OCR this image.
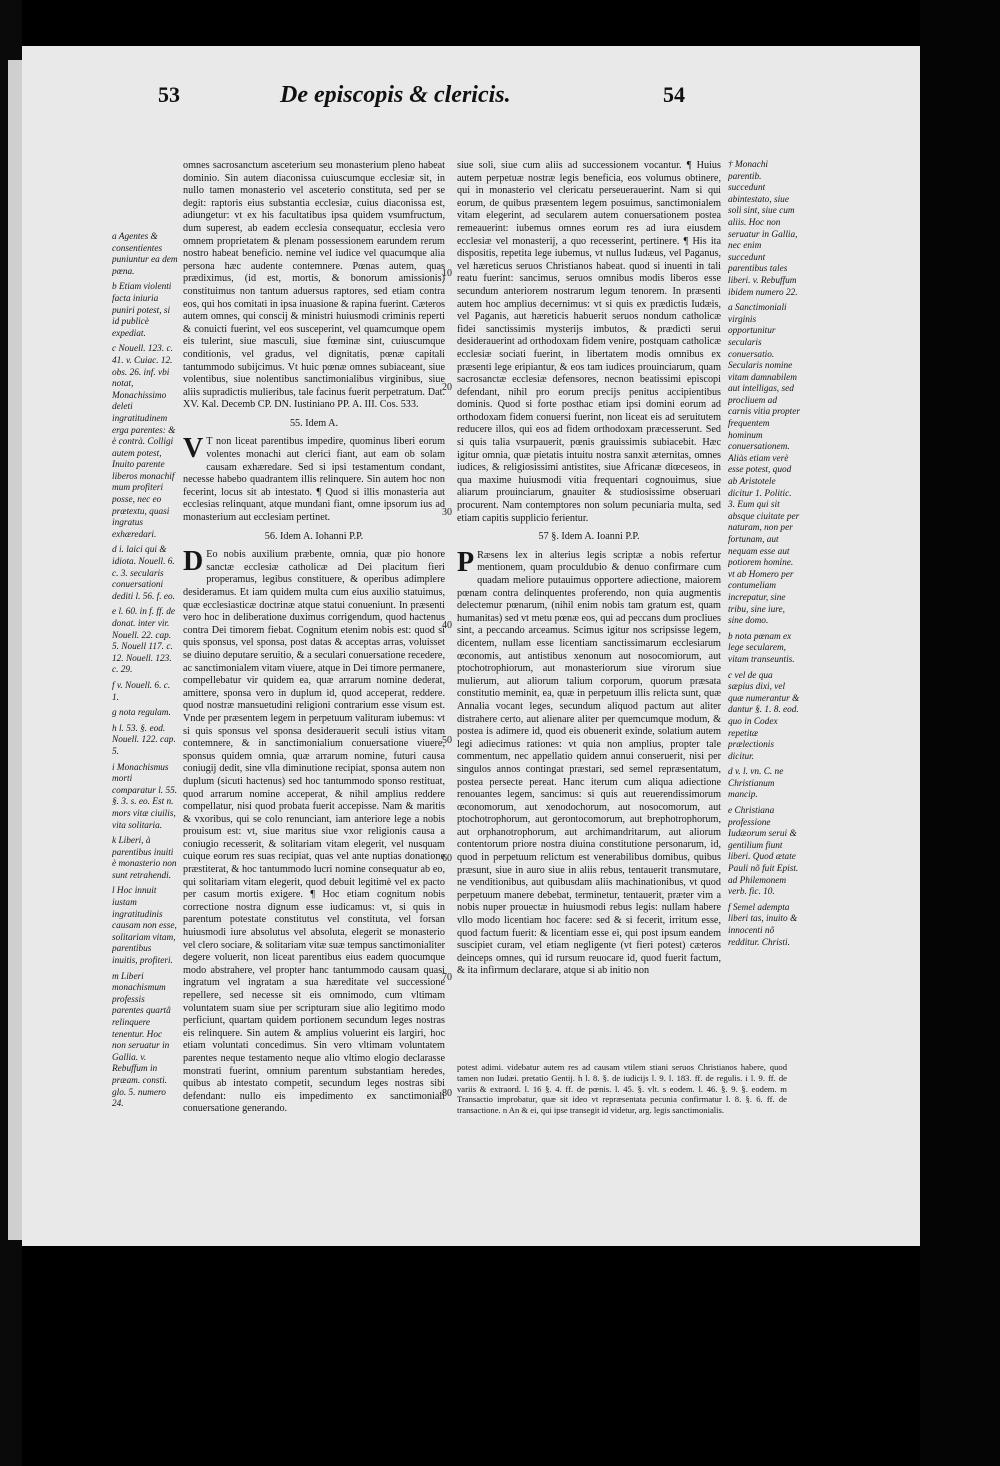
53	De episcopis & clericis.	54

a Agentes & consentientes puniuntur ea dem pœna.

b Etiam violenti facta iniuria puniri potest, si id publicè expediat.

c Nouell. 123. c. 41. v. Cuiac. 12. obs. 26. inf. vbi notat, Monachissimo deleti ingratitudinem erga parentes: & è contrà. Colligi autem potest, Inuito parente liberos monachif mum profiteri posse, nec eo prætextu, quasi ingratus exhæredari.

d i. laici qui & idiota. Nouell. 6. c. 3. secularis conuersationi dediti l. 56. f. eo.

e l. 60. in f. ff. de donat. inter vir. Nouell. 22. cap. 5. Nouell 117. c. 12. Nouell. 123. c. 29.

f v. Nouell. 6. c. 1.

g nota regulam.

h l. 53. §. eod. Nouell. 122. cap. 5.

i Monachismus morti comparatur l. 55. §. 3. s. eo. Est n. mors vitæ ciuilis, vita solitaria.

k Liberi, à parentibus inuiti è monasterio non sunt retrahendi.

l Hoc innuit iustam ingratitudinis causam non esse, solitariam vitam, parentibus inuitis, profiteri.

m Liberi monachismum professis parentes quartâ relinquere tenentur. Hoc non seruatur in Gallia. v. Rebuffum in præam. consti. glo. 5. numero 24.

omnes sacrosanctum asceterium seu monasterium pleno habeat dominio. Sin autem diaconissa cuiuscumque ecclesiæ sit, in nullo tamen monasterio vel asceterio constituta, sed per se degit: raptoris eius substantia ecclesiæ, cuius diaconissa est, adiungetur: vt ex his facultatibus ipsa quidem vsumfructum, dum superest, ab eadem ecclesia consequatur, ecclesia vero omnem proprietatem & plenam possessionem earundem rerum nostro habeat beneficio. nemine vel iudice vel quacumque alia persona hæc audente contemnere. Pœnas autem, quas prædiximus, (id est, mortis, & bonorum amissionis) constituimus non tantum aduersus raptores, sed etiam contra eos, qui hos comitati in ipsa inuasione & rapina fuerint. Cæteros autem omnes, qui conscij & ministri huiusmodi criminis reperti & conuicti fuerint, vel eos susceperint, vel quamcumque opem eis tulerint, siue masculi, siue fœminæ sint, cuiuscumque conditionis, vel gradus, vel dignitatis, pœnæ capitali tantummodo subijcimus. Vt huic pœnæ omnes subiaceant, siue volentibus, siue nolentibus sanctimonialibus virginibus, siue aliis supradictis mulieribus, tale facinus fuerit perpetratum. Dat. XV. Kal. Decemb CP. DN. Iustiniano PP. A. III. Cos. 533.

55. Idem A.

V T non liceat parentibus impedire, quominus liberi eorum volentes monachi aut clerici fiant, aut eam ob solam causam exhæredare. Sed si ipsi testamentum condant, necesse habebo quadrantem illis relinquere. Sin autem hoc non fecerint, locus sit ab intestato. ¶ Quod si illis monasteria aut ecclesias relinquant, atque mundani fiant, omne ipsorum ius ad monasterium aut ecclesiam pertinet.

56. Idem A. Iohanni P.P.

D Eo nobis auxilium præbente, omnia, quæ pio honore sanctæ ecclesiæ catholicæ ad Dei placitum fieri properamus, legibus constituere, & operibus adimplere desideramus. Et iam quidem multa cum eius auxilio statuimus, quæ ecclesiasticæ doctrinæ atque statui conueniunt. In præsenti vero hoc in deliberatione duximus corrigendum, quod hactenus contra Dei timorem fiebat. Cognitum etenim nobis est: quod si quis sponsus, vel sponsa, post datas & acceptas arras, voluisset se diuino deputare seruitio, & a seculari conuersatione recedere, ac sanctimonialem vitam viuere, atque in Dei timore permanere, compellebatur vir quidem ea, quæ arrarum nomine dederat, amittere, sponsa vero in duplum id, quod acceperat, reddere. quod nostræ mansuetudini religioni contrarium esse visum est. Vnde per præsentem legem in perpetuum valituram iubemus: vt si quis sponsus vel sponsa desiderauerit seculi istius vitam contemnere, & in sanctimonialium conuersatione viuere, sponsus quidem omnia, quæ arrarum nomine, futuri causa coniugij dedit, sine vlla diminutione recipiat, sponsa autem non duplum (sicuti hactenus) sed hoc tantummodo sponso restituat, quod arrarum nomine acceperat, & nihil amplius reddere compellatur, nisi quod probata fuerit accepisse. Nam & maritis & vxoribus, qui se colo renunciant, iam anteriore lege a nobis prouisum est: vt, siue maritus siue vxor religionis causa a coniugio recesserit, & solitariam vitam elegerit, vel nusquam cuique eorum res suas recipiat, quas vel ante nuptias donatione præstiterat, & hoc tantummodo lucri nomine consequatur ab eo, qui solitariam vitam elegerit, quod debuit legitimè vel ex pacto per casum mortis exigere. ¶ Hoc etiam cognitum nobis correctione nostra dignum esse iudicamus: vt, si quis in parentum potestate constitutus vel constituta, vel forsan huiusmodi iure absolutus vel absoluta, elegerit se monasterio vel clero sociare, & solitariam vitæ suæ tempus sanctimonialiter degere voluerit, non liceat parentibus eius eadem quocumque modo abstrahere, vel propter hanc tantummodo causam quasi ingratum vel ingratam a sua hæreditate vel successione repellere, sed necesse sit eis omnimodo, cum vltimam voluntatem suam siue per scripturam siue alio legitimo modo perficiunt, quartam quidem portionem secundum leges nostras eis relinquere. Sin autem & amplius voluerint eis largiri, hoc etiam voluntati concedimus. Sin vero vltimam voluntatem parentes neque testamento neque alio vltimo elogio declarasse monstrati fuerint, omnium parentum substantiam heredes, quibus ab intestato competit, secundum leges nostras sibi defendant: nullo eis impedimento ex sanctimoniali conuersatione generando.

10
20
30
40
50
60
70
80

siue soli, siue cum aliis ad successionem vocantur. ¶ Huius autem perpetuæ nostræ legis beneficia, eos volumus obtinere, qui in monasterio vel clericatu perseuerauerint. Nam si qui eorum, de quibus præsentem legem posuimus, sanctimonialem vitam elegerint, ad secularem autem conuersationem postea remeauerint: iubemus omnes eorum res ad iura eiusdem ecclesiæ vel monasterij, a quo recesserint, pertinere. ¶ His ita dispositis, repetita lege iubemus, vt nullus Iudæus, vel Paganus, vel hæreticus seruos Christianos habeat. quod si inuenti in tali reatu fuerint: sancimus, seruos omnibus modis liberos esse secundum anteriorem nostrarum legum tenorem. In præsenti autem hoc amplius decernimus: vt si quis ex prædictis Iudæis, vel Paganis, aut hæreticis habuerit seruos nondum catholicæ fidei sanctissimis mysterijs imbutos, & prædicti serui desiderauerint ad orthodoxam fidem venire, postquam catholicæ ecclesiæ sociati fuerint, in libertatem modis omnibus ex præsenti lege eripiantur, & eos tam iudices prouinciarum, quam sacrosanctæ ecclesiæ defensores, necnon beatissimi episcopi defendant, nihil pro eorum precijs penitus accipientibus dominis. Quod si forte posthac etiam ipsi domini eorum ad orthodoxam fidem conuersi fuerint, non liceat eis ad seruitutem reducere illos, qui eos ad fidem orthodoxam præcesserunt. Sed si quis talia vsurpauerit, pœnis grauissimis subiacebit. Hæc igitur omnia, quæ pietatis intuitu nostra sanxit æternitas, omnes iudices, & religiosissimi antistites, siue Africanæ diœceseos, in qua maxime huiusmodi vitia frequentari cognouimus, siue aliarum prouinciarum, gnauiter & studiosissime obseruari procurent. Nam contemptores non solum pecuniaria multa, sed etiam capitis supplicio ferientur.

57 §. Idem A. Ioanni P.P.

P Ræsens lex in alterius legis scriptæ a nobis refertur mentionem, quam proculdubio & denuo confirmare cum quadam meliore putauimus opportere adiectione, maiorem pœnam contra delinquentes proferendo, non quia augmentis delectemur pœnarum, (nihil enim nobis tam gratum est, quam humanitas) sed vt metu pœnæ eos, qui ad peccans dum procliues sint, a peccando arceamus. Scimus igitur nos scripsisse legem, dicentem, nullam esse licentiam sanctissimarum ecclesiarum œconomis, aut antistibus xenonum aut nosocomiorum, aut ptochotrophiorum, aut monasteriorum siue virorum siue mulierum, aut aliorum talium corporum, quorum præsata constitutio meminit, ea, quæ in perpetuum illis relicta sunt, quæ Annalia vocant leges, secundum aliquod pactum aut aliter distrahere certo, aut alienare aliter per quemcumque modum, & postea is adimere id, quod eis obuenerit exinde, solatium autem legi adiecimus rationes: vt quia non amplius, propter tale commentum, nec appellatio quidem annui conseruerit, nisi per singulos annos contingat præstari, sed semel repræsentatum, postea persecte pereat. Hanc iterum cum aliqua adiectione renouantes legem, sancimus: si quis aut reuerendissimorum œconomorum, aut xenodochorum, aut nosocomorum, aut ptochotrophorum, aut gerontocomorum, aut brephotrophorum, aut orphanotrophorum, aut archimandritarum, aut aliorum contentorum priore nostra diuina constitutione personarum, id, quod in perpetuum relictum est venerabilibus domibus, quibus præsunt, siue in auro siue in aliis rebus, tentauerit transmutare, ne venditionibus, aut quibusdam aliis machinationibus, vt quod perpetuum manere debebat, terminetur, tentauerit, præter vim a nobis nuper prouectæ in huiusmodi rebus legis: nullam habere vllo modo licentiam hoc facere: sed & si fecerit, irritum esse, quod factum fuerit: & licentiam esse ei, qui post ipsum eandem suscipiet curam, vel etiam negligente (vt fieri potest) cæteros deinceps omnes, qui id rursum reuocare id, quod fuerit factum, & ita infirmum declarare, atque si ab initio non

potest adimi. videbatur autem res ad causam vtilem stiani seruos Christianos habere, quod tamen non Iudæi. pretatio Gentij. h l. 8. §. de iudicijs l. 9. l. 183. ff. de regulis. i l. 9. ff. de variis & extraord. l. 16 §. 4. ff. de pœnis. l. 45. §. vlt. s eodem. l. 46. §. 9. §. eodem. m Transactio improbatur, quæ sit ideo vt repræsentata pecunia confirmatur l. 8. §. 6. ff. de transactione. n An & ei, qui ipse transegit id videtur, arg. legis sanctimonialis.

† Monachi parentib. succedunt abintestato, siue soli sint, siue cum aliis. Hoc non seruatur in Gallia, nec enim succedunt parentibus tales liberi. v. Rebuffum ibidem numero 22.

a Sanctimoniali virginis opportunitur secularis conuersatio. Secularis nomine vitam damnabilem aut intelligas, sed procliuem ad carnis vitia propter frequentem hominum conuersationem. Aliàs etiam verè esse potest, quod ab Aristotele dicitur 1. Politic. 3. Eum qui sit absque ciuitate per naturam, non per fortunam, aut nequam esse aut potiorem homine. vt ab Homero per contumeliam increpatur, sine tribu, sine iure, sine domo.

b nota pœnam ex lege secularem, vitam transeuntis.

c vel de qua sæpius dixi, vel quæ numerantur & dantur §. 1. 8. eod. quo in Codex repetitæ prælectionis dicitur.

d v. l. vn. C. ne Christianum mancip.

e Christiana professione Iudæorum serui & gentilium fiunt liberi. Quod ætate Pauli nõ fuit Epist. ad Philemonem verb. fic. 10.

f Semel adempta liberi tas, inuito & innocenti nõ redditur. Christi.
